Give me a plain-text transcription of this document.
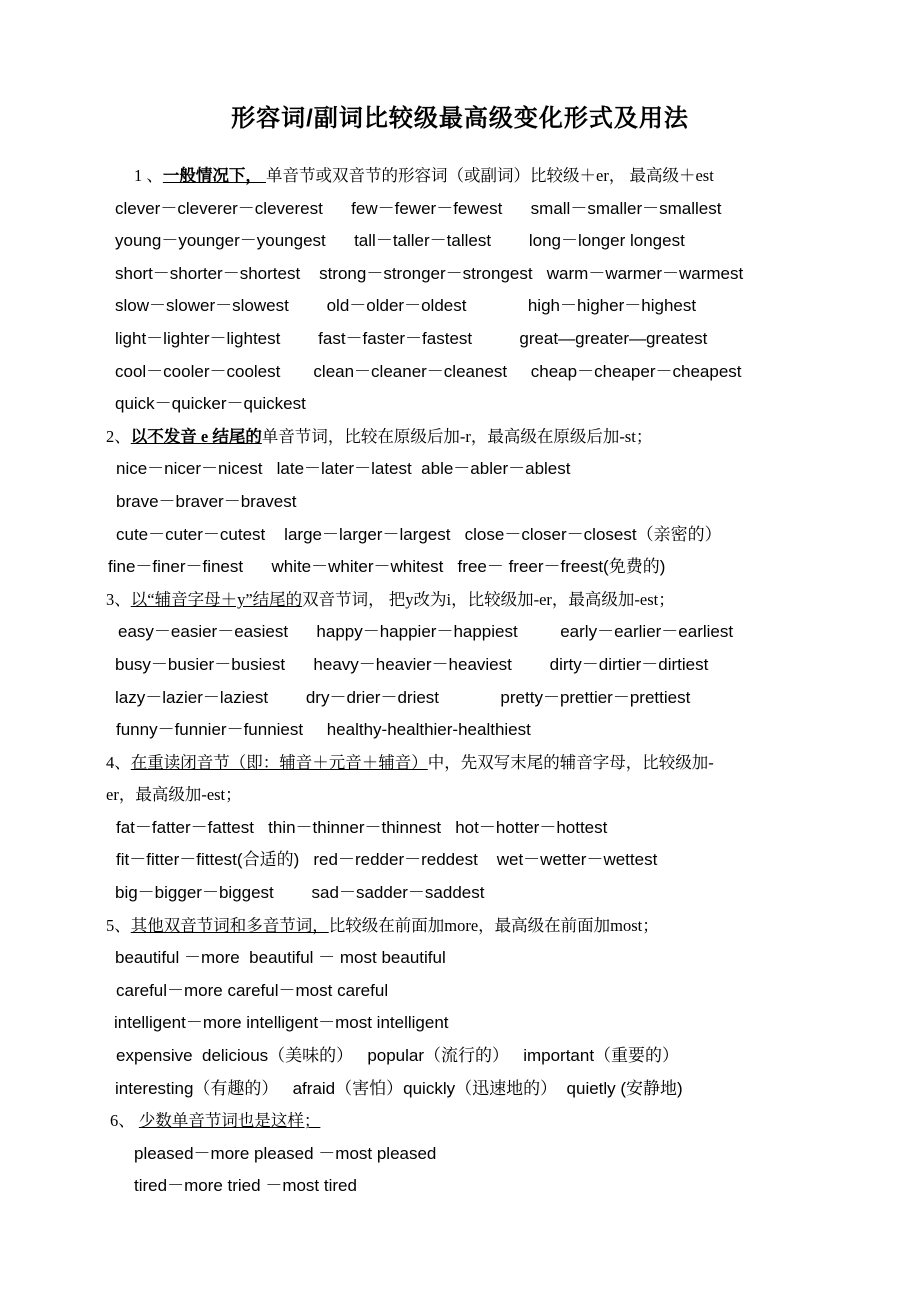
形容词/副词比较级最高级变化形式及用法
1 、一般情况下， 单音节或双音节的形容词（或副词）比较级＋er， 最高级＋est
clever－cleverer－cleverest      few－fewer－fewest      small－smaller－smallest
young－younger－youngest      tall－taller－tallest        long－longer longest
short－shorter－shortest    strong－stronger－strongest   warm－warmer－warmest
slow－slower－slowest        old－older－oldest             high－higher－highest
light－lighter－lightest        fast－faster－fastest          great—greater—greatest
cool－cooler－coolest       clean－cleaner－cleanest     cheap－cheaper－cheapest
quick－quicker－quickest
2、以不发音 e 结尾的单音节词，比较在原级后加-r，最高级在原级后加-st；
nice－nicer－nicest   late－later－latest  able－abler－ablest
brave－braver－bravest
cute－cuter－cutest    large－larger－largest   close－closer－closest（亲密的）
fine－finer－finest      white－whiter－whitest   free－ freer－freest(免费的)
3、以“辅音字母＋y”结尾的双音节词， 把y改为i，比较级加-er，最高级加-est；
easy－easier－easiest      happy－happier－happiest         early－earlier－earliest
busy－busier－busiest      heavy－heavier－heaviest        dirty－dirtier－dirtiest
lazy－lazier－laziest        dry－drier－driest             pretty－prettier－prettiest
funny－funnier－funniest     healthy-healthier-healthiest
4、在重读闭音节（即：辅音＋元音＋辅音）中，先双写末尾的辅音字母，比较级加-
er，最高级加-est；
fat－fatter－fattest   thin－thinner－thinnest   hot－hotter－hottest
fit－fitter－fittest(合适的)   red－redder－reddest    wet－wetter－wettest
big－bigger－biggest        sad－sadder－saddest
5、其他双音节词和多音节词，比较级在前面加more，最高级在前面加most；
beautiful －more  beautiful － most beautiful
careful－more careful－most careful
intelligent－more intelligent－most intelligent
expensive  delicious（美味的）   popular（流行的）   important（重要的）
interesting（有趣的）   afraid（害怕）quickly（迅速地的）  quietly (安静地)
6、 少数单音节词也是这样；
pleased－more pleased －most pleased
tired－more tried －most tired
